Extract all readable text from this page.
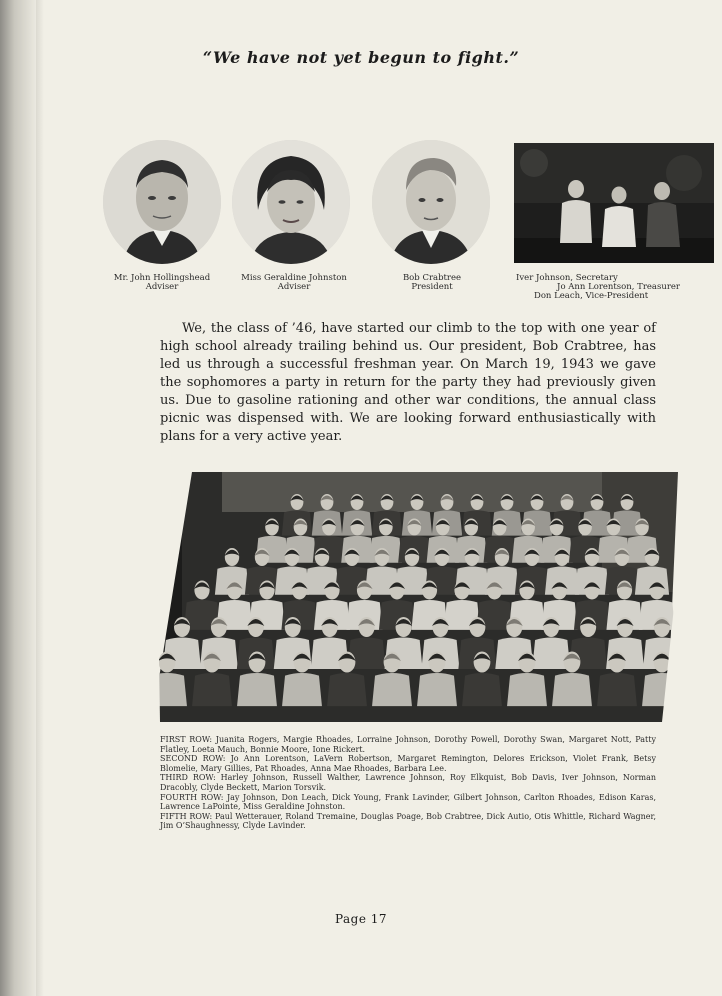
“We have not yet begun to fight.”
Mr. John Hollingshead
Adviser
Miss Geraldine Johnston
Adviser
Bob Crabtree
President
Iver Johnson, Secretary
Jo Ann Lorentson, Treasurer
Don Leach, Vice-President
We, the class of ’46, have started our climb to the top with one year of high school already trailing behind us. Our president, Bob Crabtree, has led us through a successful freshman year. On March 19, 1943 we gave the sophomores a party in return for the party they had previously given us. Due to gasoline rationing and other war conditions, the annual class picnic was dispensed with. We are looking forward enthusiastically with plans for a very active year.
FIRST ROW: Juanita Rogers, Margie Rhoades, Lorraine Johnson, Dorothy Powell, Dorothy Swan, Margaret Nott, Patty Flatley, Loeta Mauch, Bonnie Moore, Ione Rickert.
SECOND ROW: Jo Ann Lorentson, LaVern Robertson, Margaret Remington, Delores Erickson, Violet Frank, Betsy Blomelie, Mary Gillies, Pat Rhoades, Anna Mae Rhoades, Barbara Lee.
THIRD ROW: Harley Johnson, Russell Walther, Lawrence Johnson, Roy Elkquist, Bob Davis, Iver Johnson, Norman Dracobly, Clyde Beckett, Marion Torsvik.
FOURTH ROW: Jay Johnson, Don Leach, Dick Young, Frank Lavinder, Gilbert Johnson, Carlton Rhoades, Edison Karas, Lawrence LaPointe, Miss Geraldine Johnston.
FIFTH ROW: Paul Wetterauer, Roland Tremaine, Douglas Poage, Bob Crabtree, Dick Autio, Otis Whittle, Richard Wagner, Jim O’Shaughnessy, Clyde Lavinder.
Page 17
